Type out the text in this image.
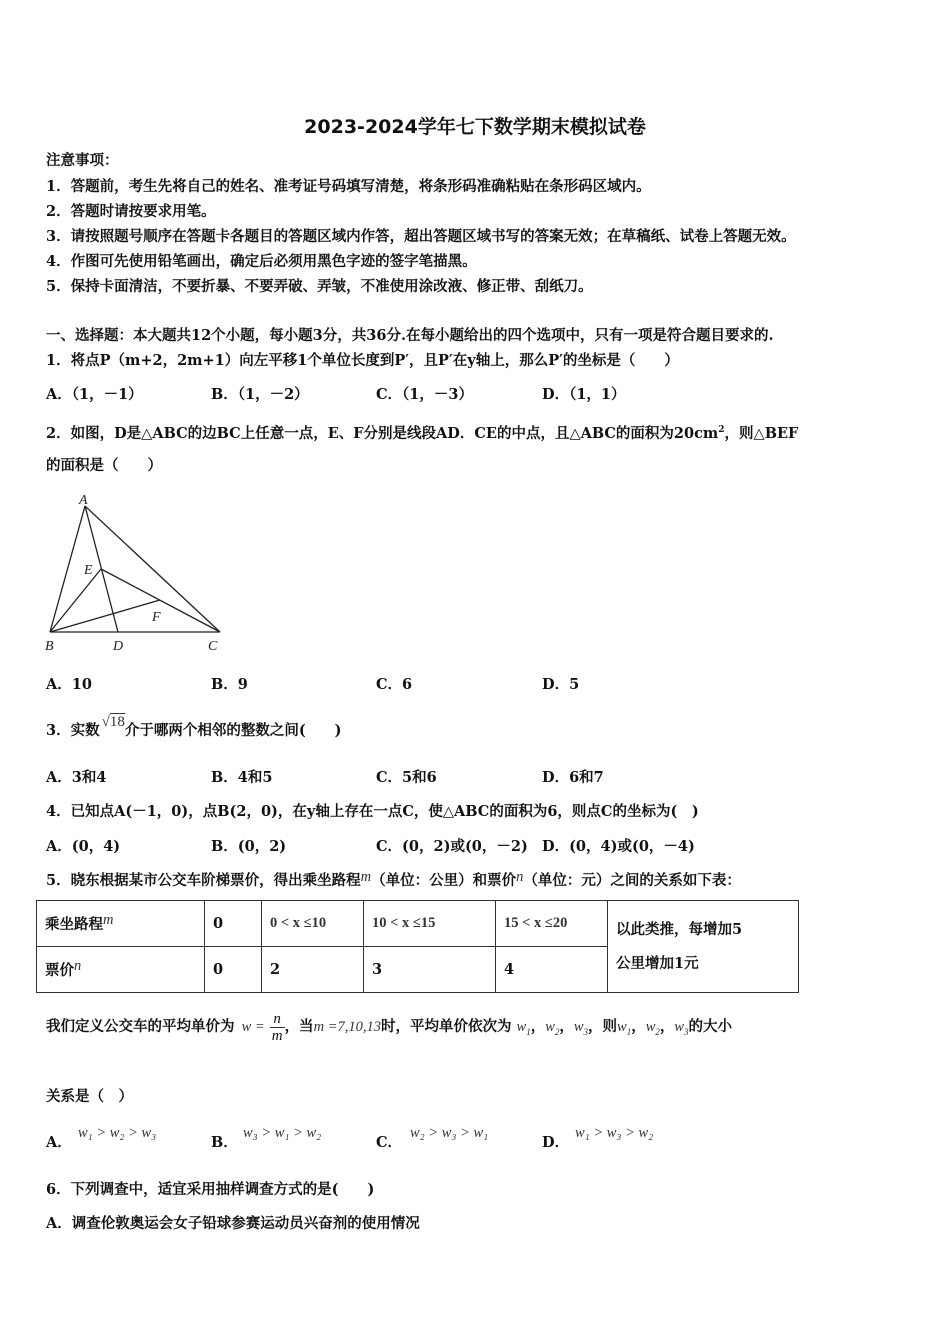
2023-2024学年七下数学期末模拟试卷
注意事项：
1．答题前，考生先将自己的姓名、准考证号码填写清楚，将条形码准确粘贴在条形码区域内。
2．答题时请按要求用笔。
3．请按照题号顺序在答题卡各题目的答题区域内作答，超出答题区域书写的答案无效；在草稿纸、试卷上答题无效。
4．作图可先使用铅笔画出，确定后必须用黑色字迹的签字笔描黑。
5．保持卡面清洁，不要折暴、不要弄破、弄皱，不准使用涂改液、修正带、刮纸刀。
一、选择题：本大题共12个小题，每小题3分，共36分.在每小题给出的四个选项中，只有一项是符合题目要求的.
1．将点P（m+2，2m+1）向左平移1个单位长度到P′，且P′在y轴上，那么P′的坐标是（　　）
A．（1，－1）	B．（1，－2）	C．（1，－3）	D．（1，1）
2．如图，D是△ABC的边BC上任意一点，E、F分别是线段AD．CE的中点，且△ABC的面积为$20cm^2$，则△BEF
的面积是（　　）
A
E
F
B	D	C
A．10	B．9	C．6	D．5
3．实数 √18介于哪两个相邻的整数之间(　　)
A．3和4	B．4和5	C．5和6	D．6和7
4．已知点A(－1，0)，点B(2，0)，在y轴上存在一点C，使△ABC的面积为6，则点C的坐标为(　)
A．(0，4)	B．(0，2)	C．(0，2)或(0，－2) D．(0，4)或(0，－4)
5．晓东根据某市公交车阶梯票价，得出乘坐路程m（单位：公里）和票价n（单位：元）之间的关系如下表：
乘坐路程m	0	0 < x ≤10	10 < x ≤15	15 < x ≤20	以此类推，每增加5
公里增加1元
票价n	0	2	3	4	
我们定义公交车的平均单价为 $w = \frac{n}{m}$ ，当m =7,10,13时，平均单价依次为 $w_1$，$w_2$，$w_3$，则$w_1$，$w_2$，$w_3$的大小
关系是（　）
A．
w₁ > w₂ > w₃
B．
w₃ > w₁ > w₂
C．
w₂ > w₃ > w₁
D．
w₁ > w₃ > w₂
6．下列调查中，适宜采用抽样调查方式的是(　　)
A．调查伦敦奥运会女子铅球参赛运动员兴奋剂的使用情况
